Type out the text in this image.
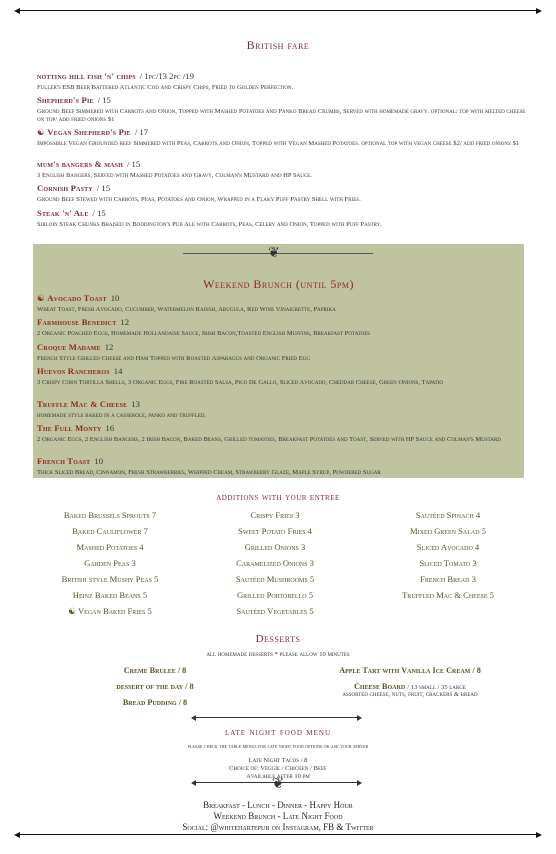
British fare
notting hill fish 'n' chips / 1pc/13 2pc /19
Fuller's ESB Beer Battered Atlantic Cod and Crispy Chips, Fried to Golden Perfection.
Shepherd's Pie / 15
Ground Beef Simmered with Carrots and Onion, Topped with Mashed Potatoes and Panko Bread Crumbs, Served with homemade gravy. optional: top with melted cheese on top/ add fried onions $1
☯ Vegan Shepherd's Pie / 17
Impossible Vegan Grounded beef Simmered with Peas, Carrots and Onion, Topped with Vegan Mashed Potatoes. optional top with vegan cheese $2/ add fried onions $1
mum's bangers & mash / 15
3 English Bangers, Served with Mashed Potatoes and Gravy, Colman's Mustard and HP Sauce.
Cornish Pasty / 15
Ground Beef Stewed with Carrots, Peas, Potatoes and Onion, Wrapped in a Flaky Puff Pastry Shell with Fries.
Steak 'n' Ale / 15
Sirloin Steak Chunks Braised in Boddington's Pub Ale with Carrots, Peas, Celery and Onion, Topped with Puff Pastry.
❦
Weekend Brunch (until 5pm)
☯ Avocado Toast 10
Wheat Toast, Fresh Avocado, Cucumber, Watermelon Radish, Arugula, Red Wine Vinaigrette, Paprika
Farmhouse Benedict 12
2 Organic Poached Eggs, Homemade Hollandaise Sauce, Irish Bacon,Toasted English Muffins, Breakfast Potatoes
Croque Madame 12
French Style Grilled Cheese and Ham Topped with Roasted Asparagus and Organic Fried Egg
Huevos Rancheros 14
3 Crispy Corn Tortilla Shells, 3 Organic Eggs, Fire Roasted Salsa, Pico De Gallo, Sliced Avocado, Cheddar Cheese, Green Onions, Tapatio
Truffle Mac & Cheese 13
homemade style baked in a casserole, panko and truffled.
The Full Monty 16
2 Organic Eggs, 2 English Bangers, 2 Irish Bacon, Baked Beans, Grilled tomatoes, Breakfast Potatoes and Toast, Served with HP Sauce and Colman's Mustard
French Toast 10
Thick Sliced Bread, Cinnamon, Fresh Strawberries, Whipped Cream, Strawberry Glaze, Maple Syrup, Powdered Sugar
additions with your entree
Baked Brussels Sprouts 7
Baked Cauliflower 7
Mashed Potatoes 4
Garden Peas 3
British style Mushy Peas 5
Heinz Baked Beans 5
☯ Vegan Baked Fries 5
Crispy Fries 3
Sweet Potato Fries 4
Grilled Onions 3
Caramelized Onions 3
Sautéed Mushrooms 5
Grilled Portobello 5
Sautéed Vegetables 5
Sautéed Spinach 4
Mixed Green Salad 5
Sliced Avocado 4
Sliced Tomato 3
French Bread 3
Truffled Mac & Cheese 5
Desserts
all homemade desserts * please allow 10 minutes
Creme Brulee / 8
dessert of the day / 8
Bread Pudding / 8
Apple Tart with Vanilla Ice Cream / 8
Cheese Board / 13 small / 35 large
assorted cheese, nuts, fruit, crackers & bread
late night food menu
please check the table menus for late night food options or ask your server
Late Night Tacos / 8
Choice of: Veggie / Chicken / Beef
Available after 10 pm
❦
Breakfast - Lunch - Dinner - Happy Hour
Weekend Brunch - Late Night Food
Social: @whitehartepub on Instagram, FB & Twitter
